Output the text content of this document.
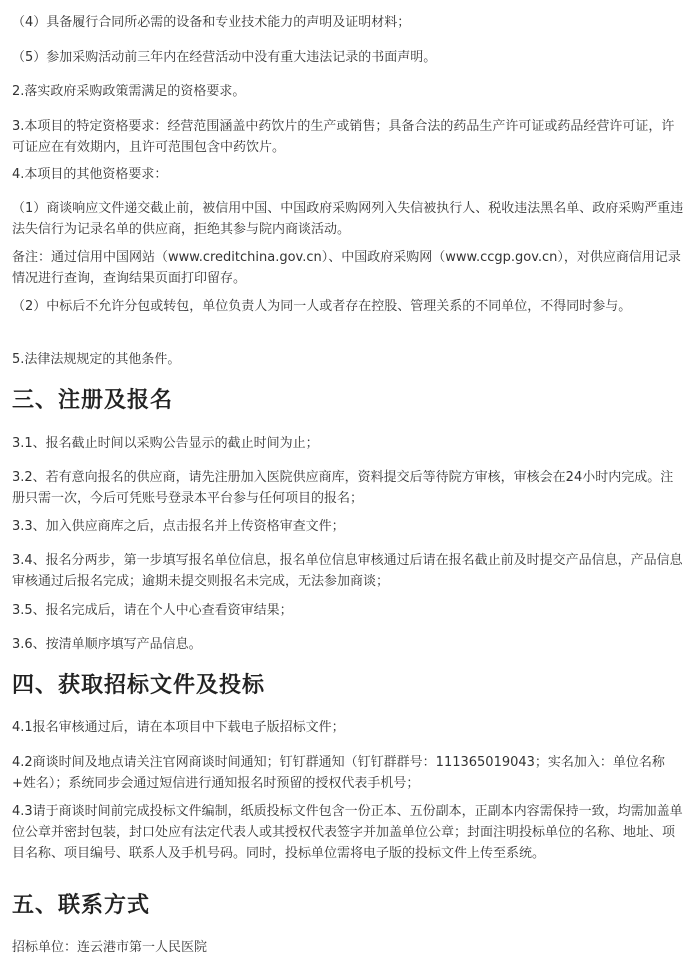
（4）具备履行合同所必需的设备和专业技术能力的声明及证明材料；

（5）参加采购活动前三年内在经营活动中没有重大违法记录的书面声明。

2.落实政府采购政策需满足的资格要求。

3.本项目的特定资格要求：经营范围涵盖中药饮片的生产或销售；具备合法的药品生产许可证或药品经营许可证，许可证应在有效期内，且许可范围包含中药饮片。

4.本项目的其他资格要求：

（1）商谈响应文件递交截止前，被信用中国、中国政府采购网列入失信被执行人、税收违法黑名单、政府采购严重违法失信行为记录名单的供应商，拒绝其参与院内商谈活动。

备注：通过信用中国网站（www.creditchina.gov.cn）、中国政府采购网（www.ccgp.gov.cn），对供应商信用记录情况进行查询，查询结果页面打印留存。

（2）中标后不允许分包或转包，单位负责人为同一人或者存在控股、管理关系的不同单位，不得同时参与。

5.法律法规规定的其他条件。

三、注册及报名

3.1、报名截止时间以采购公告显示的截止时间为止；

3.2、若有意向报名的供应商，请先注册加入医院供应商库，资料提交后等待院方审核，审核会在24小时内完成。注册只需一次，今后可凭账号登录本平台参与任何项目的报名；

3.3、加入供应商库之后，点击报名并上传资格审查文件；

3.4、报名分两步，第一步填写报名单位信息，报名单位信息审核通过后请在报名截止前及时提交产品信息，产品信息审核通过后报名完成；逾期未提交则报名未完成，无法参加商谈；

3.5、报名完成后，请在个人中心查看资审结果；

3.6、按清单顺序填写产品信息。

四、获取招标文件及投标

4.1报名审核通过后，请在本项目中下载电子版招标文件；

4.2商谈时间及地点请关注官网商谈时间通知；钉钉群通知（钉钉群群号：111365019043；实名加入：单位名称+姓名）；系统同步会通过短信进行通知报名时预留的授权代表手机号；

4.3请于商谈时间前完成投标文件编制，纸质投标文件包含一份正本、五份副本，正副本内容需保持一致，均需加盖单位公章并密封包装，封口处应有法定代表人或其授权代表签字并加盖单位公章；封面注明投标单位的名称、地址、项目名称、项目编号、联系人及手机号码。同时，投标单位需将电子版的投标文件上传至系统。

五、联系方式

招标单位：连云港市第一人民医院
